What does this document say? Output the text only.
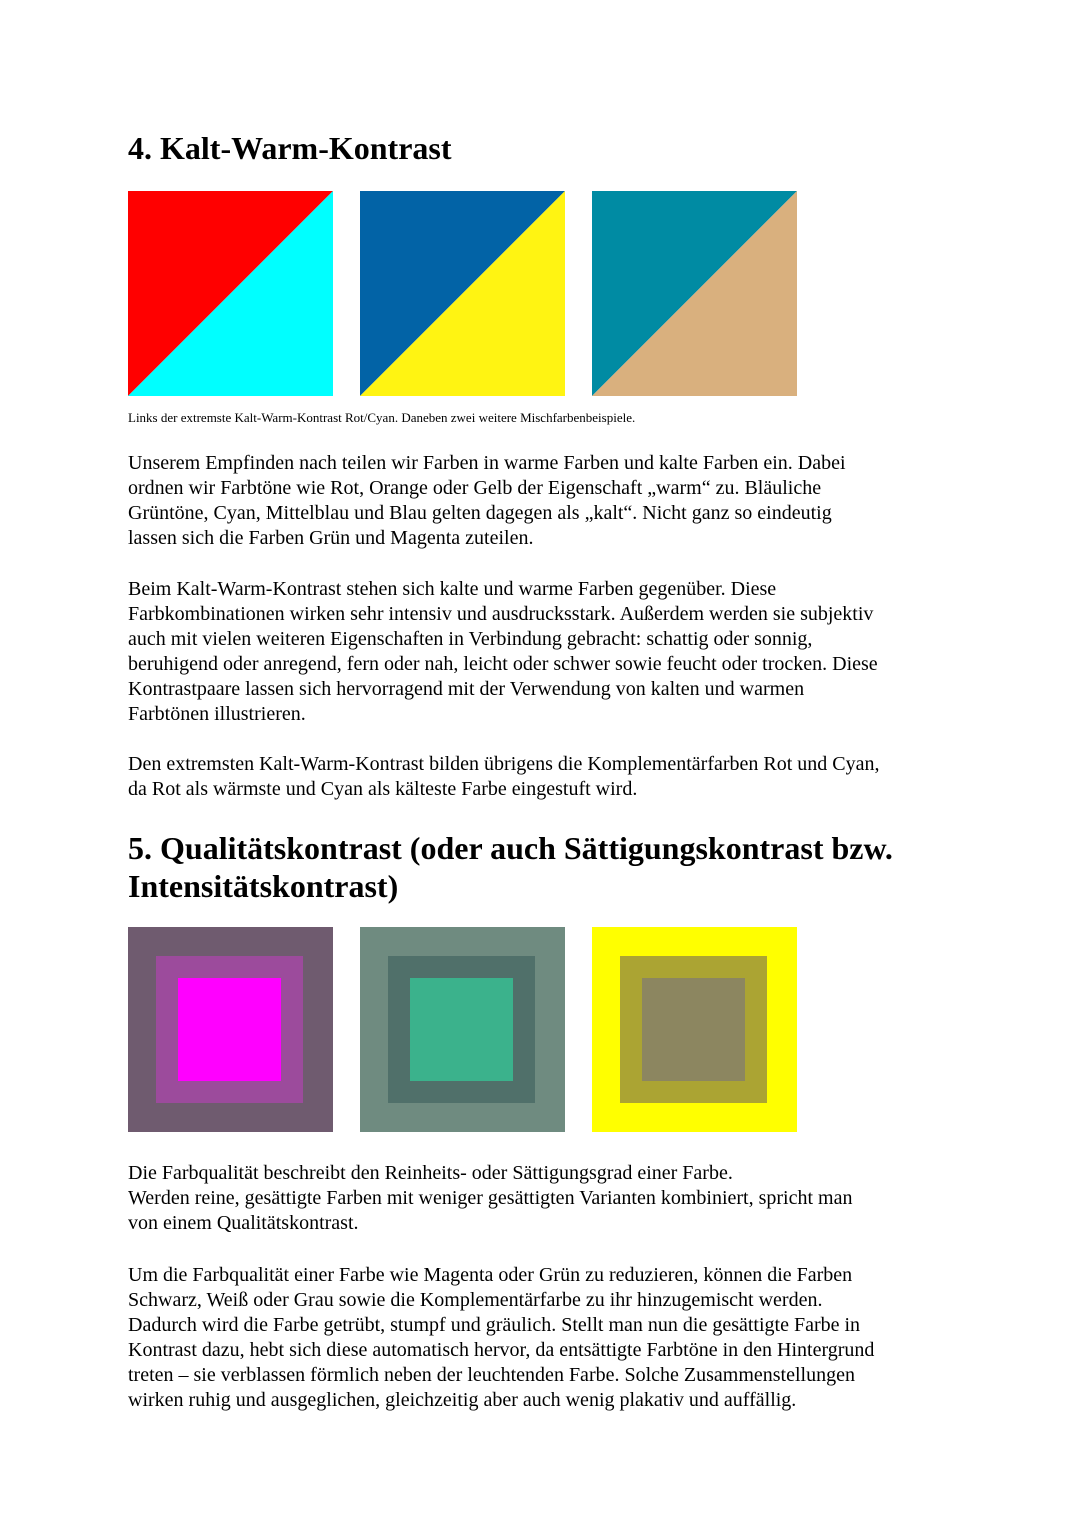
4. Kalt-Warm-Kontrast
Links der extremste Kalt-Warm-Kontrast Rot/Cyan. Daneben zwei weitere Mischfarbenbeispiele.

Unserem Empfinden nach teilen wir Farben in warme Farben und kalte Farben ein. Dabei
ordnen wir Farbtöne wie Rot, Orange oder Gelb der Eigenschaft „warm“ zu. Bläuliche
Grüntöne, Cyan, Mittelblau und Blau gelten dagegen als „kalt“. Nicht ganz so eindeutig
lassen sich die Farben Grün und Magenta zuteilen.

Beim Kalt-Warm-Kontrast stehen sich kalte und warme Farben gegenüber. Diese
Farbkombinationen wirken sehr intensiv und ausdrucksstark. Außerdem werden sie subjektiv
auch mit vielen weiteren Eigenschaften in Verbindung gebracht: schattig oder sonnig,
beruhigend oder anregend, fern oder nah, leicht oder schwer sowie feucht oder trocken. Diese
Kontrastpaare lassen sich hervorragend mit der Verwendung von kalten und warmen
Farbtönen illustrieren.

Den extremsten Kalt-Warm-Kontrast bilden übrigens die Komplementärfarben Rot und Cyan,
da Rot als wärmste und Cyan als kälteste Farbe eingestuft wird.

5. Qualitätskontrast (oder auch Sättigungskontrast bzw.
Intensitätskontrast)

Die Farbqualität beschreibt den Reinheits- oder Sättigungsgrad einer Farbe.
Werden reine, gesättigte Farben mit weniger gesättigten Varianten kombiniert, spricht man
von einem Qualitätskontrast.

Um die Farbqualität einer Farbe wie Magenta oder Grün zu reduzieren, können die Farben
Schwarz, Weiß oder Grau sowie die Komplementärfarbe zu ihr hinzugemischt werden.
Dadurch wird die Farbe getrübt, stumpf und gräulich. Stellt man nun die gesättigte Farbe in
Kontrast dazu, hebt sich diese automatisch hervor, da entsättigte Farbtöne in den Hintergrund
treten – sie verblassen förmlich neben der leuchtenden Farbe. Solche Zusammenstellungen
wirken ruhig und ausgeglichen, gleichzeitig aber auch wenig plakativ und auffällig.
